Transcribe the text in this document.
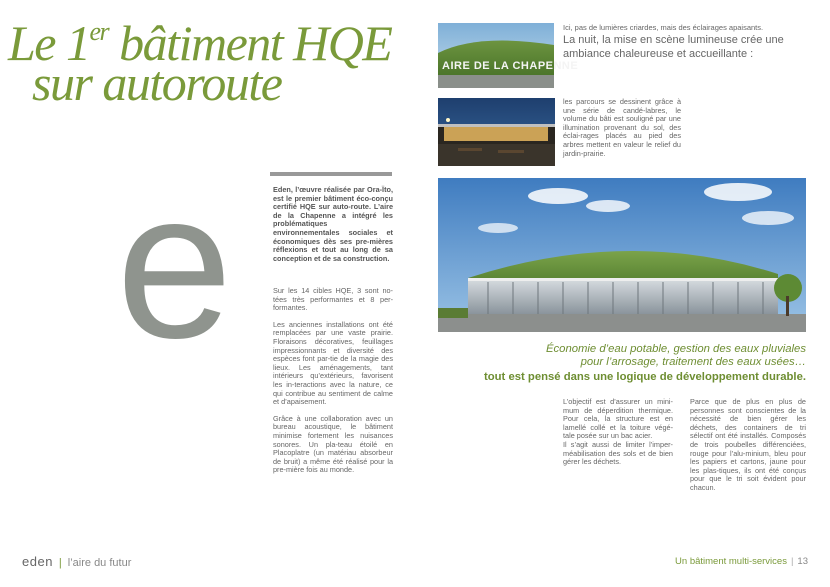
Le 1er bâtiment HQE
sur autoroute
e	Eden, l’œuvre réalisée par Ora-Ïto, est le premier bâtiment éco-conçu certifié HQE sur auto-route. L’aire de la Chapenne a intégré les problématiques environnementales sociales et économiques dès ses pre-mières réflexions et tout au long de sa conception et de sa construction.

Sur les 14 cibles HQE, 3 sont no-tées très performantes et 8 per-formantes.

Les anciennes installations ont été remplacées par une vaste prairie. Floraisons décoratives, feuillages impressionnants et diversité des espèces font par-tie de la magie des lieux. Les aménagements, tant intérieurs qu’extérieurs, favorisent les in-teractions avec la nature, ce qui contribue au sentiment de calme et d’apaisement.

Grâce à une collaboration avec un bureau acoustique, le bâtiment minimise fortement les nuisances sonores. Un pla-teau étoilé en Placoplatre (un matériau absorbeur de bruit) a même été réalisé pour la pre-mière fois au monde.

AIRE DE LA CHAPENNE
Ici, pas de lumières criardes, mais des éclairages apaisants.
La nuit, la mise en scène lumineuse crée une ambiance chaleureuse et accueillante :
les parcours se dessinent grâce à une série de candé-labres, le volume du bâti est souligné par une illumination provenant du sol, des éclai-rages placés au pied des arbres mettent en valeur le relief du jardin-prairie.
Économie d’eau potable, gestion des eaux pluviales
pour l’arrosage, traitement des eaux usées…
tout est pensé dans une logique de développement durable.

L’objectif est d’assurer un mini-mum de déperdition thermique. Pour cela, la structure est en lamellé collé et la toiture végé-tale posée sur un bac acier.

Il s’agit aussi de limiter l’imper-méabilisation des sols et de bien gérer les déchets.

Parce que de plus en plus de personnes sont conscientes de la nécessité de bien gérer les déchets, des containers de tri sélectif ont été installés. Composés de trois poubelles différenciées, rouge pour l’alu-minium, bleu pour les papiers et cartons, jaune pour les plas-tiques, ils ont été conçus pour que le tri soit évident pour chacun.
eden | l’aire du futur	Un bâtiment multi-services | 13
